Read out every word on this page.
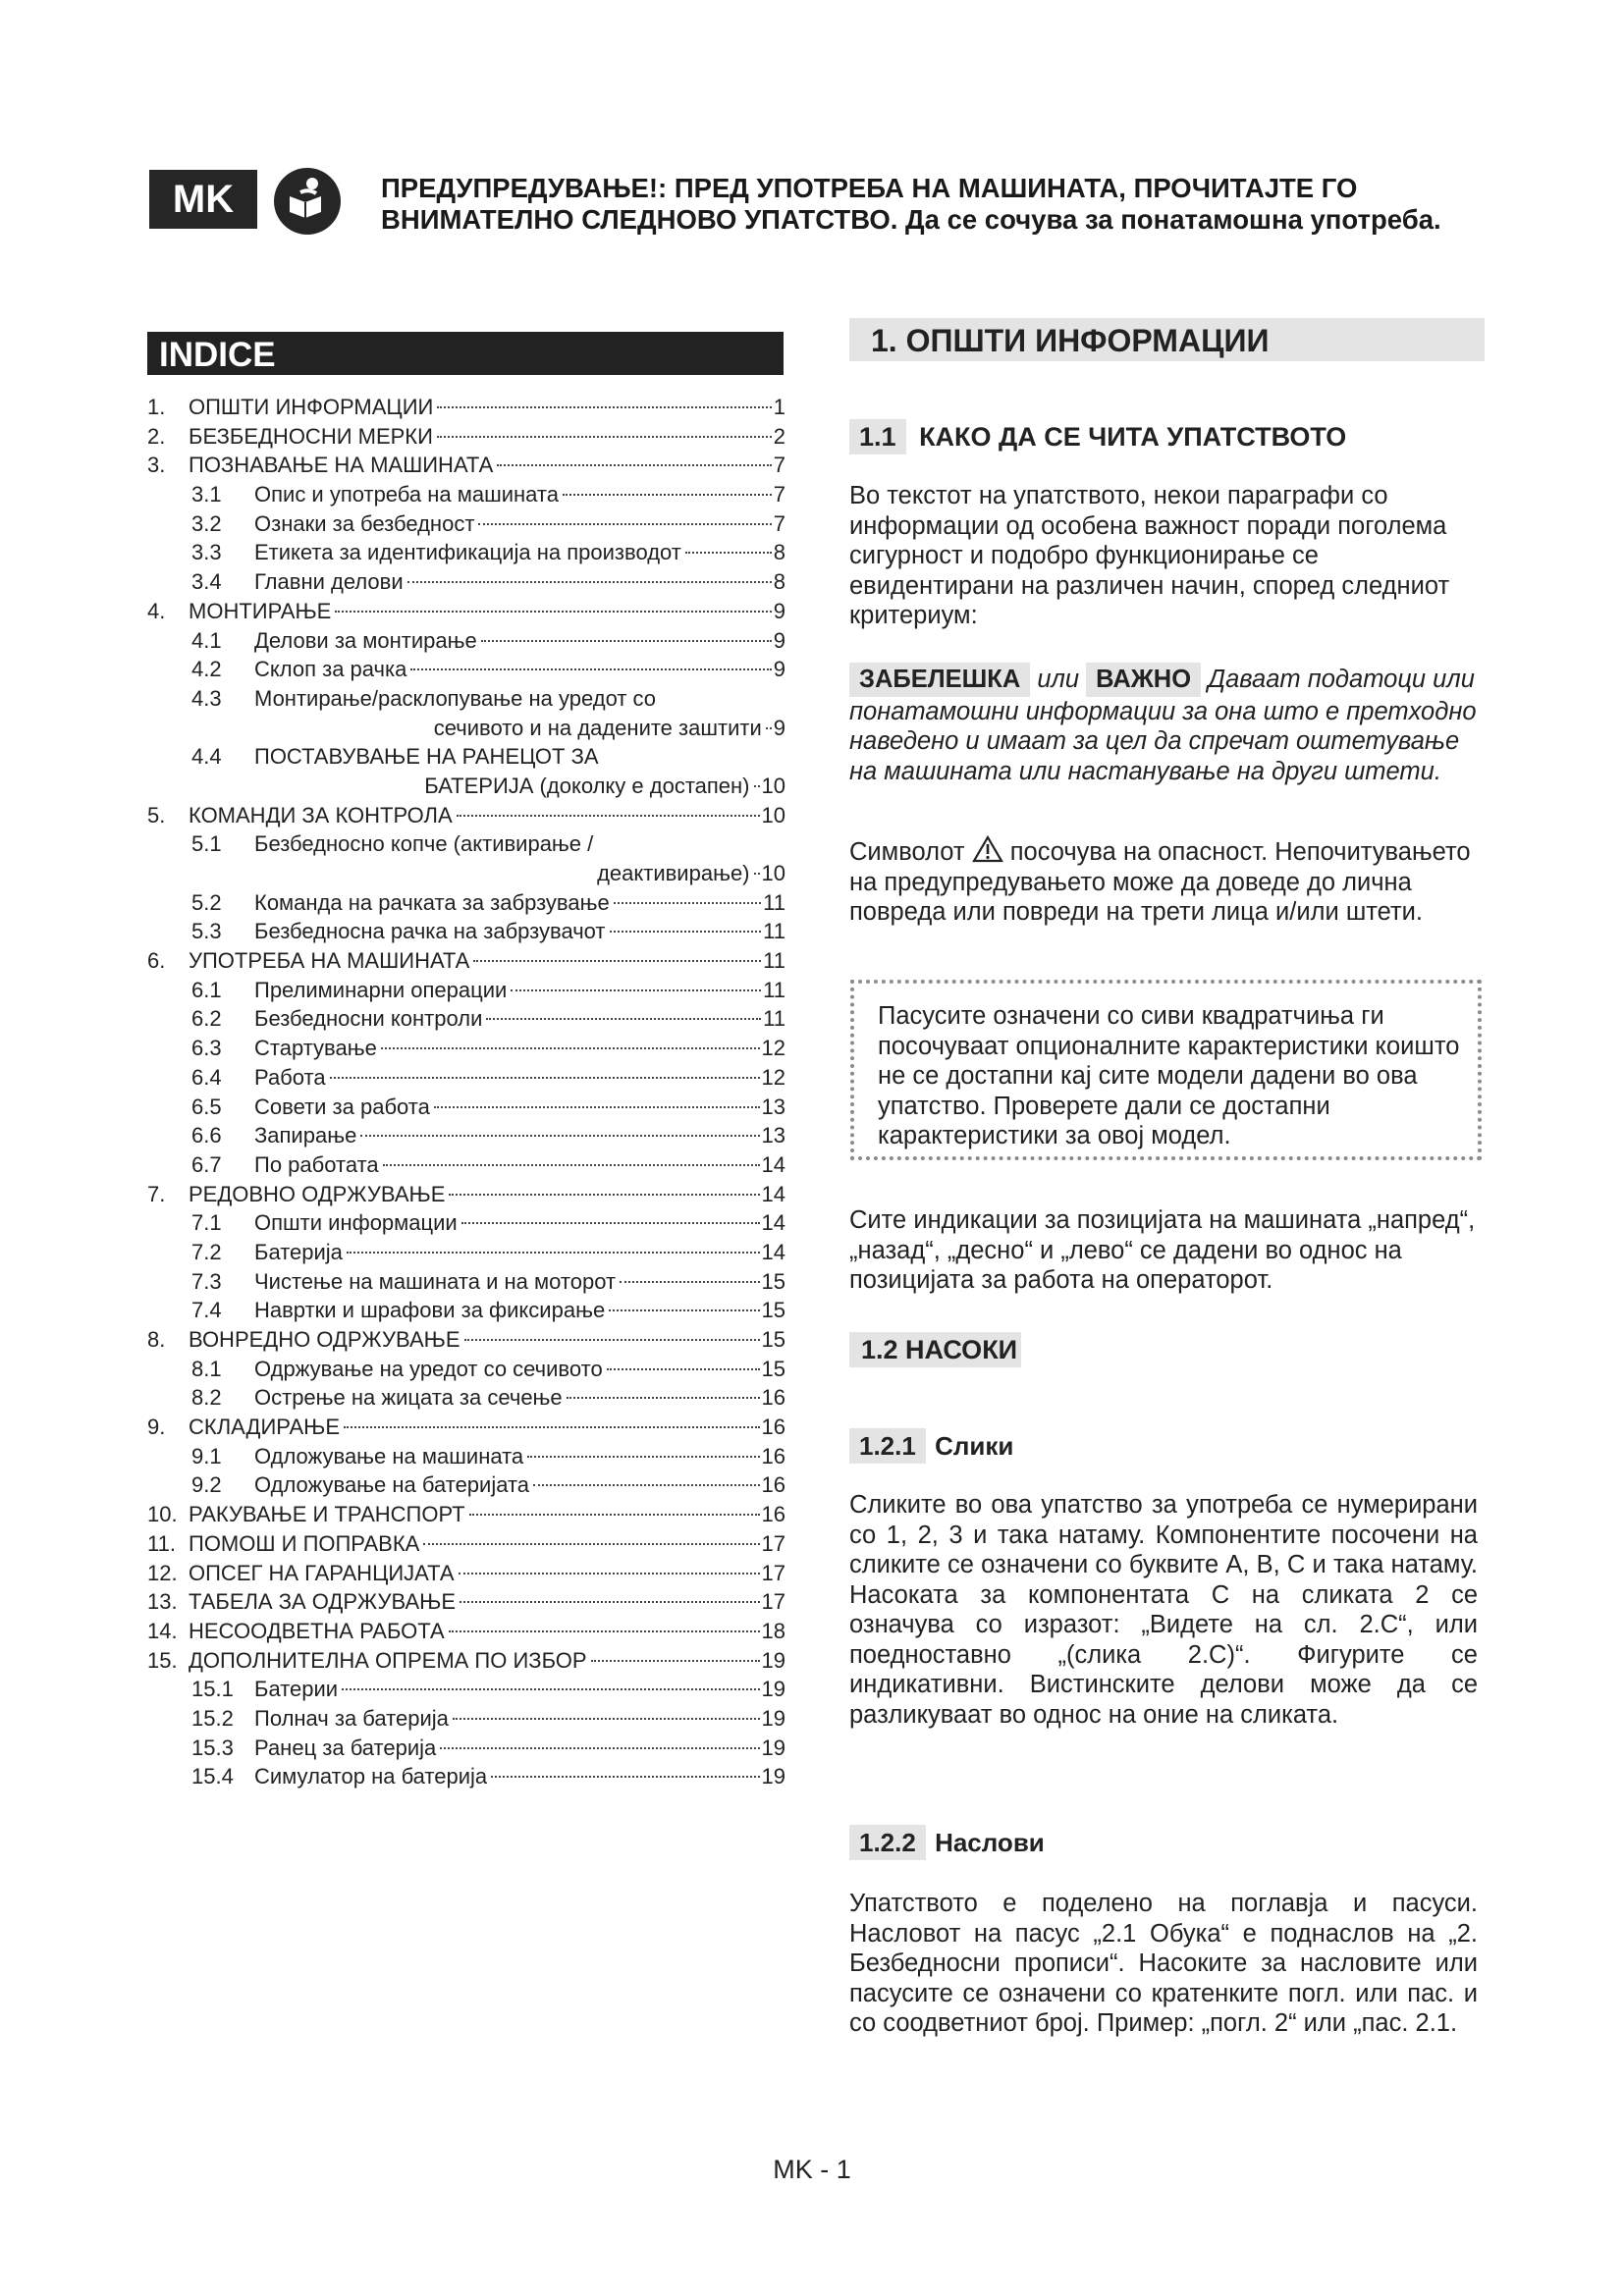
MK	ПРЕДУПРЕДУВАЊЕ!: ПРЕД УПОТРЕБА НА МАШИНАТА, ПРОЧИТАЈТЕ ГО
ВНИМАТЕЛНО СЛЕДНОВО УПАТСТВО. Да се сочува за понатамошна употреба.
INDICE
1. ОПШТИ ИНФОРМАЦИИ	1
2. БЕЗБЕДНОСНИ МЕРКИ	2
3. ПОЗНАВАЊЕ НА МАШИНАТА	7
3.1 Опис и употреба на машината	7
3.2 Ознаки за безбедност	7
3.3 Етикета за идентификација на производот	8
3.4 Главни делови	8
4. МОНТИРАЊЕ	9
4.1 Делови за монтирање	9
4.2 Склоп за рачка	9
4.3 Монтирање/расклопување на уредот со
сечивото и на дадените заштити 9
4.4 ПОСТАВУВАЊЕ НА РАНЕЦОТ ЗА
БАТЕРИЈА (доколку е достапен) 10
5. КОМАНДИ ЗА КОНТРОЛА	10
5.1 Безбедносно копче (активирање /
деактивирање) 10
5.2 Команда на рачката за забрзување	11
5.3 Безбедносна рачка на забрзувачот	11
6. УПОТРЕБА НА МАШИНАТА	11
6.1 Прелиминарни операции	11
6.2 Безбедносни контроли	11
6.3 Стартување	12
6.4 Работа	12
6.5 Совети за работа	13
6.6 Запирање	13
6.7 По работата	14
7. РЕДОВНО ОДРЖУВАЊЕ	14
7.1 Општи информации	14
7.2 Батерија	14
7.3 Чистење на машината и на моторот	15
7.4 Навртки и шрафови за фиксирање	15
8. ВОНРЕДНО ОДРЖУВАЊЕ	15
8.1 Одржување на уредот со сечивото	15
8.2 Острење на жицата за сечење	16
9. СКЛАДИРАЊЕ	16
9.1 Одложување на машината	16
9.2 Одложување на батеријата	16
10. РАКУВАЊЕ И ТРАНСПОРТ	16
11. ПОМОШ И ПОПРАВКА	17
12. ОПСЕГ НА ГАРАНЦИЈАТА	17
13. ТАБЕЛА ЗА ОДРЖУВАЊЕ	17
14. НЕСООДВЕТНА РАБОТА	18
15. ДОПОЛНИТЕЛНА ОПРЕМА ПО ИЗБОР	19
15.1 Батерии	19
15.2 Полнач за батерија	19
15.3 Ранец за батерија	19
15.4 Симулатор на батерија	19
1. ОПШТИ ИНФОРМАЦИИ
1.1 КАКО ДА СЕ ЧИТА УПАТСТВОТО
Во текстот на упатството, некои параграфи со информации од особена важност поради поголема сигурност и подобро функционирање се евидентирани на различен начин, според следниот критериум:
ЗАБЕЛЕШКА или ВАЖНО Даваат податоци или понатамошни информации за она што е претходно наведено и имаат за цел да спречат оштетување на машината или настанување на други штети.
Символот посочува на опасност. Непочитувањето на предупредувањето може да доведе до лична повреда или повреди на трети лица и/или штети.
Пасусите означени со сиви квадратчиња ги посочуваат опционалните карактеристики коишто не се достапни кај сите модели дадени во ова упатство. Проверете дали се достапни карактеристики за овој модел.
Сите индикации за позицијата на машината „напред“, „назад“, „десно“ и „лево“ се дадени во однос на позицијата за работа на операторот.
1.2 НАСОКИ
1.2.1 Слики
Сликите во ова упатство за употреба се нумерирани со 1, 2, 3 и така натаму. Компонентите посочени на сликите се означени со буквите A, B, C и така натаму. Насоката за компонентата C на сликата 2 се означува со изразот: „Видете на сл. 2.C“, или поедноставно „(слика 2.C)“. Фигурите се индикативни. Вистинските делови може да се разликуваат во однос на оние на сликата.
1.2.2 Наслови
Упатството е поделено на поглавја и пасуси. Насловот на пасус „2.1 Обука“ е поднаслов на „2. Безбедносни прописи“. Насоките за насловите или пасусите се означени со кратенките погл. или пас. и со соодветниот број. Пример: „погл. 2“ или „пас. 2.1.
MK - 1
